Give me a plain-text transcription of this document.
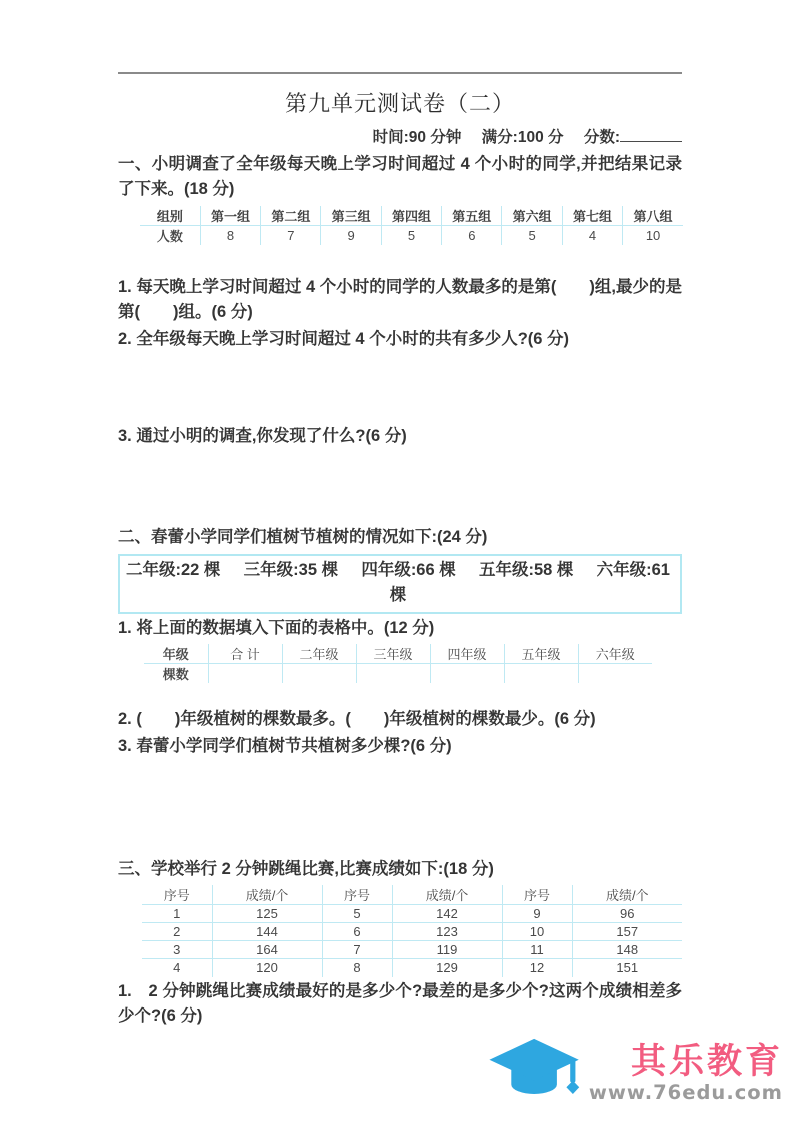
第九单元测试卷（二）
时间:90 分钟 满分:100 分 分数:
一、小明调查了全年级每天晚上学习时间超过 4 个小时的同学,并把结果记录了下来。(18 分)
组别	第一组	第二组	第三组	第四组	第五组	第六组	第七组	第八组
人数	8	7	9	5	6	5	4	10
1. 每天晚上学习时间超过 4 个小时的同学的人数最多的是第(　　)组,最少的是第(　　)组。(6 分)
2. 全年级每天晚上学习时间超过 4 个小时的共有多少人?(6 分)
3. 通过小明的调查,你发现了什么?(6 分)
二、春蕾小学同学们植树节植树的情况如下:(24 分)
二年级:22 棵 三年级:35 棵 四年级:66 棵 五年级:58 棵 六年级:61
棵
1. 将上面的数据填入下面的表格中。(12 分)
年级	合 计	二年级	三年级	四年级	五年级	六年级
棵数						
2. (　　)年级植树的棵数最多。(　　)年级植树的棵数最少。(6 分)
3. 春蕾小学同学们植树节共植树多少棵?(6 分)
三、学校举行 2 分钟跳绳比赛,比赛成绩如下:(18 分)
序号	成绩/个	序号	成绩/个	序号	成绩/个
1	125	5	142	9	96
2	144	6	123	10	157
3	164	7	119	11	148
4	120	8	129	12	151
1.　2 分钟跳绳比赛成绩最好的是多少个?最差的是多少个?这两个成绩相差多少个?(6 分)
其乐教育
www.76edu.com
